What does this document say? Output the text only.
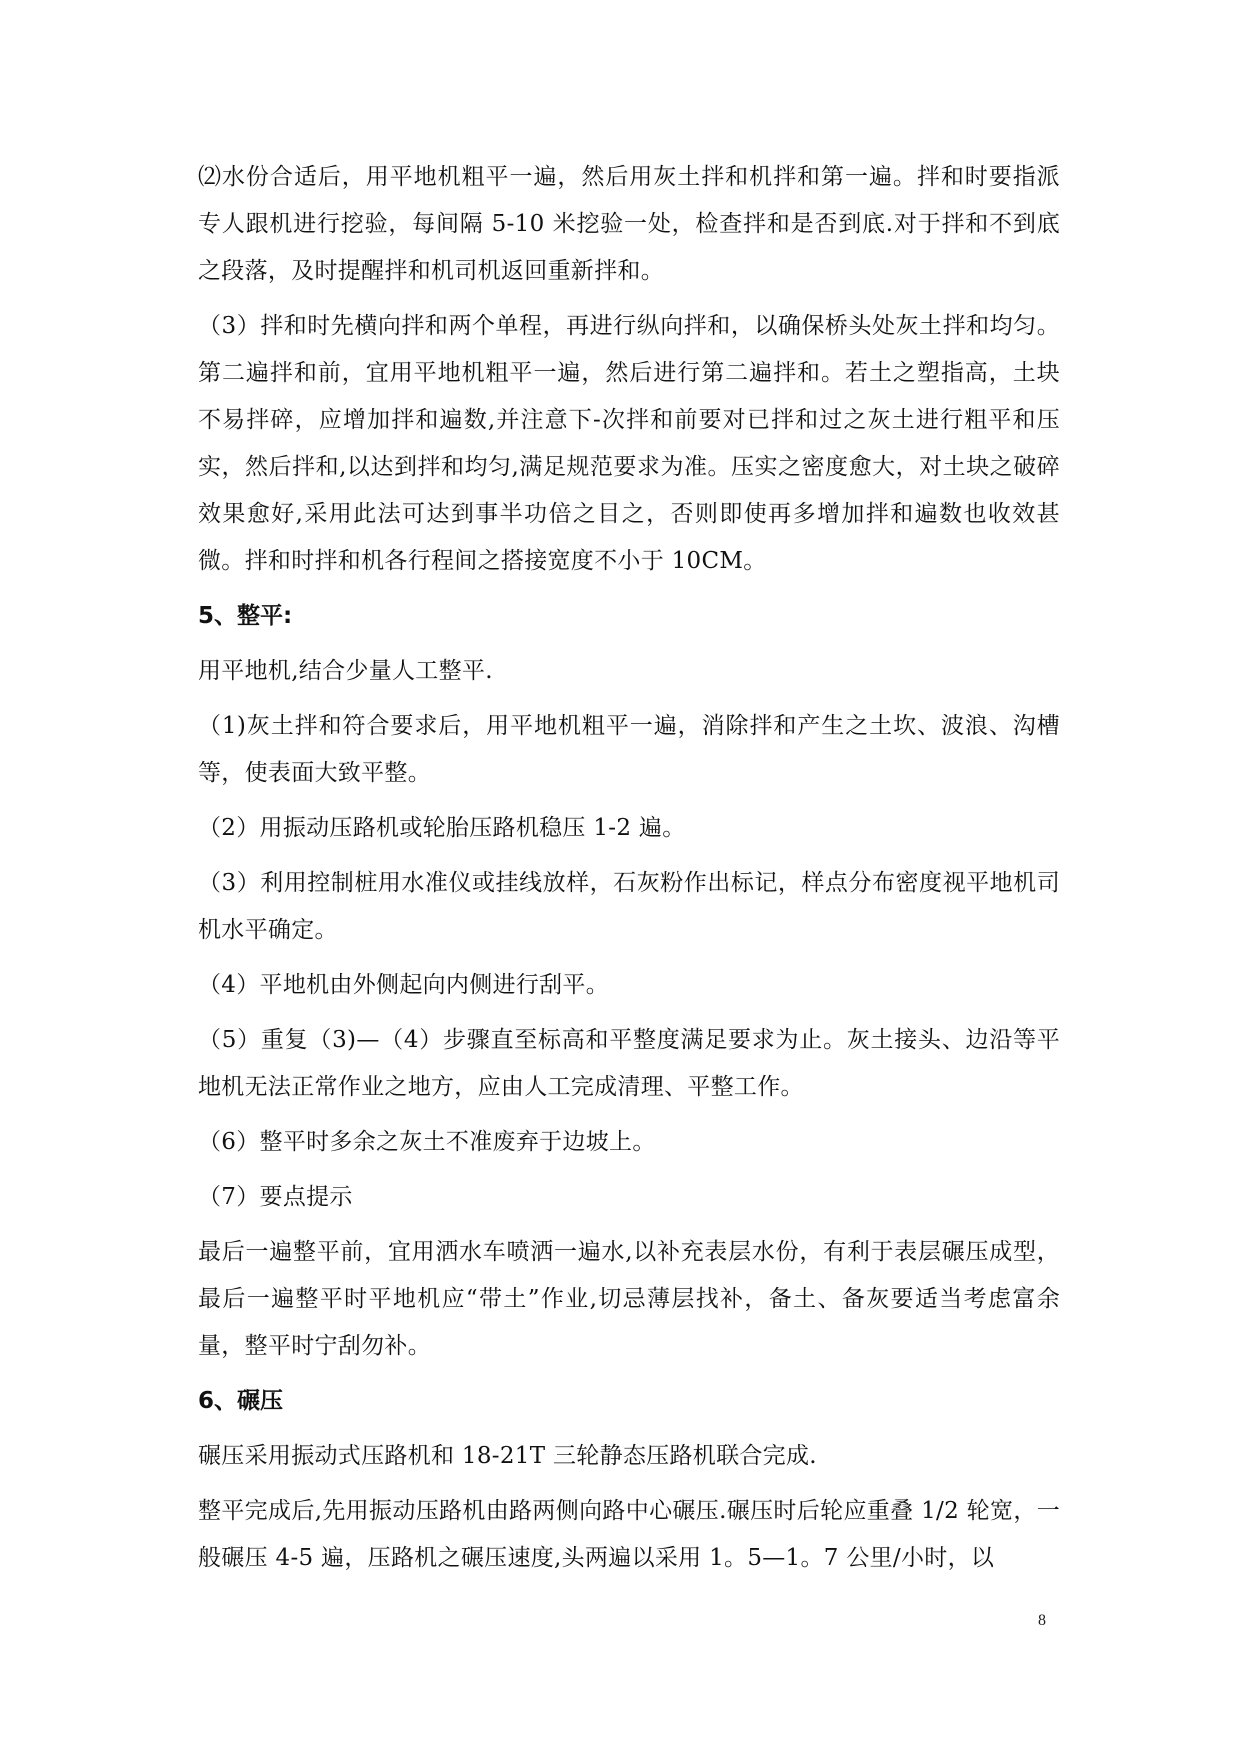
⑵水份合适后，用平地机粗平一遍，然后用灰土拌和机拌和第一遍。拌和时要指派专人跟机进行挖验，每间隔 5-10 米挖验一处，检查拌和是否到底.对于拌和不到底之段落，及时提醒拌和机司机返回重新拌和。

（3）拌和时先横向拌和两个单程，再进行纵向拌和，以确保桥头处灰土拌和均匀。第二遍拌和前，宜用平地机粗平一遍，然后进行第二遍拌和。若土之塑指高，土块不易拌碎，应增加拌和遍数,并注意下-次拌和前要对已拌和过之灰土进行粗平和压实，然后拌和,以达到拌和均匀,满足规范要求为准。压实之密度愈大，对土块之破碎效果愈好,采用此法可达到事半功倍之目之，否则即使再多增加拌和遍数也收效甚微。拌和时拌和机各行程间之搭接宽度不小于 10CM。

5、整平:

用平地机,结合少量人工整平.

（1)灰土拌和符合要求后，用平地机粗平一遍，消除拌和产生之土坎、波浪、沟槽等，使表面大致平整。

（2）用振动压路机或轮胎压路机稳压 1-2 遍。

（3）利用控制桩用水准仪或挂线放样，石灰粉作出标记，样点分布密度视平地机司机水平确定。

（4）平地机由外侧起向内侧进行刮平。

（5）重复（3)—（4）步骤直至标高和平整度满足要求为止。灰土接头、边沿等平地机无法正常作业之地方，应由人工完成清理、平整工作。

（6）整平时多余之灰土不准废弃于边坡上。

（7）要点提示

最后一遍整平前，宜用洒水车喷洒一遍水,以补充表层水份，有利于表层碾压成型，最后一遍整平时平地机应“带土”作业,切忌薄层找补，备土、备灰要适当考虑富余量，整平时宁刮勿补。

6、碾压

碾压采用振动式压路机和 18-21T 三轮静态压路机联合完成.

整平完成后,先用振动压路机由路两侧向路中心碾压.碾压时后轮应重叠 1/2 轮宽，一般碾压 4-5 遍，压路机之碾压速度,头两遍以采用 1。5—1。7 公里/小时，以

8
